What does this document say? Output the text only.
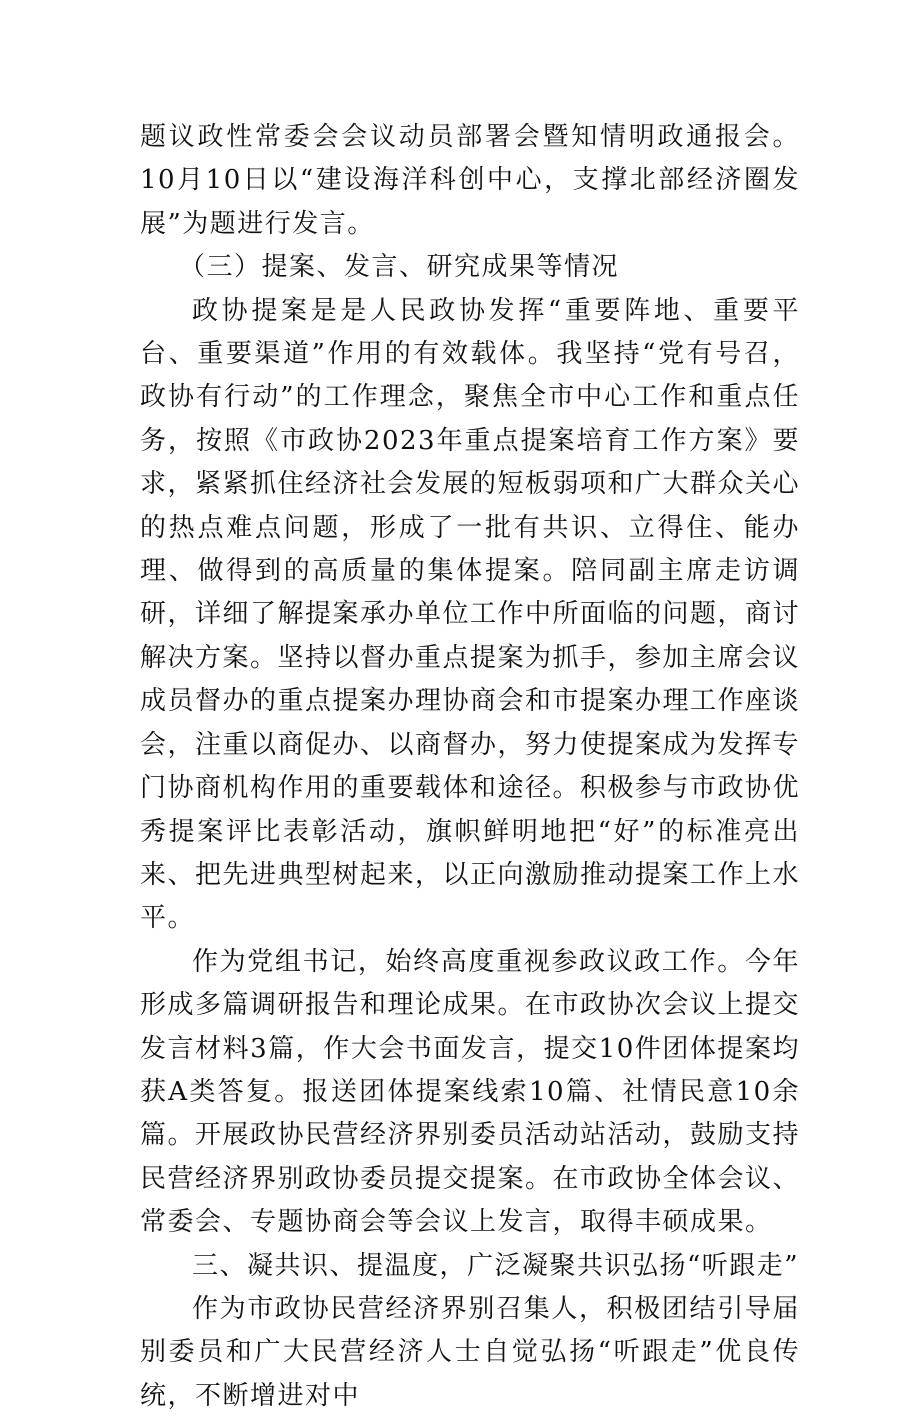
题议政性常委会会议动员部署会暨知情明政通报会。10月10日以“建设海洋科创中心，支撑北部经济圈发展”为题进行发言。

（三）提案、发言、研究成果等情况

政协提案是是人民政协发挥“重要阵地、重要平台、重要渠道”作用的有效载体。我坚持“党有号召，政协有行动”的工作理念，聚焦全市中心工作和重点任务，按照《市政协2023年重点提案培育工作方案》要求，紧紧抓住经济社会发展的短板弱项和广大群众关心的热点难点问题，形成了一批有共识、立得住、能办理、做得到的高质量的集体提案。陪同副主席走访调研，详细了解提案承办单位工作中所面临的问题，商讨解决方案。坚持以督办重点提案为抓手，参加主席会议成员督办的重点提案办理协商会和市提案办理工作座谈会，注重以商促办、以商督办，努力使提案成为发挥专门协商机构作用的重要载体和途径。积极参与市政协优秀提案评比表彰活动，旗帜鲜明地把“好”的标准亮出来、把先进典型树起来，以正向激励推动提案工作上水平。

作为党组书记，始终高度重视参政议政工作。今年形成多篇调研报告和理论成果。在市政协次会议上提交发言材料3篇，作大会书面发言，提交10件团体提案均获A类答复。报送团体提案线索10篇、社情民意10余篇。开展政协民营经济界别委员活动站活动，鼓励支持民营经济界别政协委员提交提案。在市政协全体会议、常委会、专题协商会等会议上发言，取得丰硕成果。

三、凝共识、提温度，广泛凝聚共识弘扬“听跟走”

作为市政协民营经济界别召集人，积极团结引导届别委员和广大民营经济人士自觉弘扬“听跟走”优良传统，不断增进对中
